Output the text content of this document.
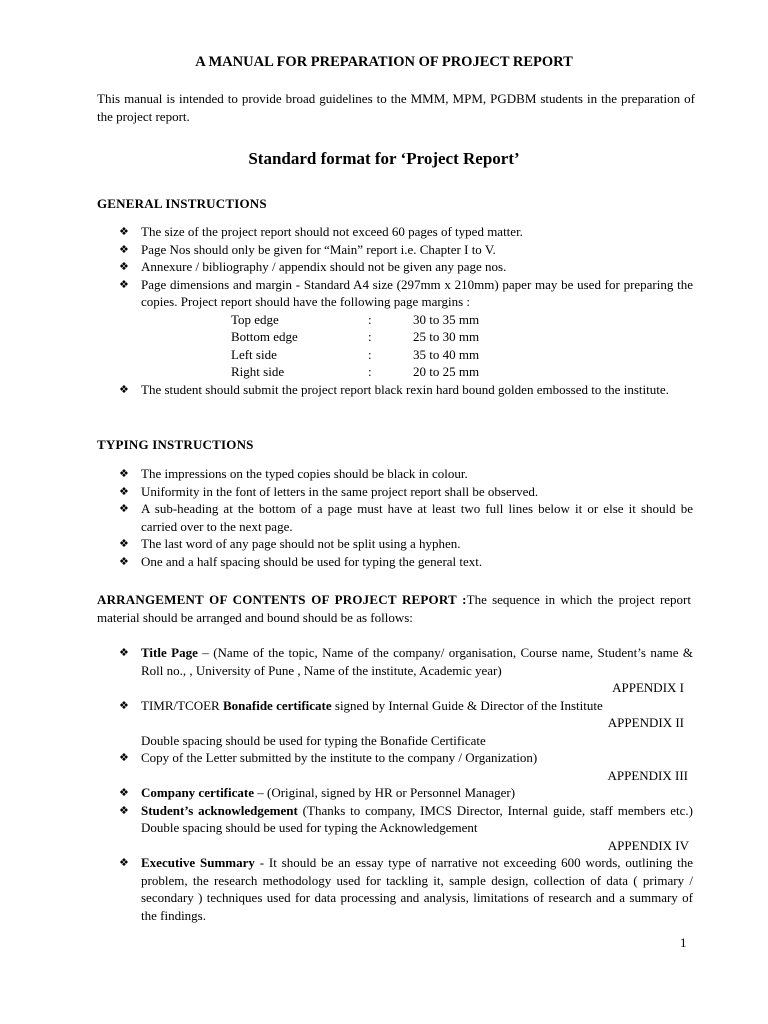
A MANUAL FOR PREPARATION OF PROJECT REPORT

This manual is intended to provide broad guidelines to the MMM, MPM, PGDBM students in the preparation of the project report.

Standard format for ‘Project Report’

GENERAL INSTRUCTIONS
❖ The size of the project report should not exceed 60 pages of typed matter.
❖ Page Nos should only be given for “Main” report i.e. Chapter I to V.
❖ Annexure / bibliography / appendix should not be given any page nos.
❖ Page dimensions and margin - Standard A4 size (297mm x 210mm) paper may be used for preparing the copies. Project report should have the following page margins :
Top edge	:	30 to 35 mm
Bottom edge	:	25 to 30 mm
Left side	:	35 to 40 mm
Right side	:	20 to 25 mm
❖ The student should submit the project report black rexin hard bound golden embossed to the institute.
TYPING INSTRUCTIONS
❖ The impressions on the typed copies should be black in colour.
❖ Uniformity in the font of letters in the same project report shall be observed.
❖ A sub-heading at the bottom of a page must have at least two full lines below it or else it should be carried over to the next page.
❖ The last word of any page should not be split using a hyphen.
❖ One and a half spacing should be used for typing the general text.

ARRANGEMENT OF CONTENTS OF PROJECT REPORT :The sequence in which the project report material should be arranged and bound should be as follows:

❖ Title Page – (Name of the topic, Name of the company/ organisation, Course name, Student’s name & Roll no., , University of Pune , Name of the institute, Academic year)
APPENDIX I
❖ TIMR/TCOER Bonafide certificate signed by Internal Guide & Director of the Institute
APPENDIX II
Double spacing should be used for typing the Bonafide Certificate
❖ Copy of the Letter submitted by the institute to the company / Organization)
APPENDIX III
❖ Company certificate – (Original, signed by HR or Personnel Manager)
❖ Student’s acknowledgement (Thanks to company, IMCS Director, Internal guide, staff members etc.) Double spacing should be used for typing the Acknowledgement
APPENDIX IV
❖ Executive Summary - It should be an essay type of narrative not exceeding 600 words, outlining the problem, the research methodology used for tackling it, sample design, collection of data ( primary / secondary ) techniques used for data processing and analysis, limitations of research and a summary of the findings.
1
